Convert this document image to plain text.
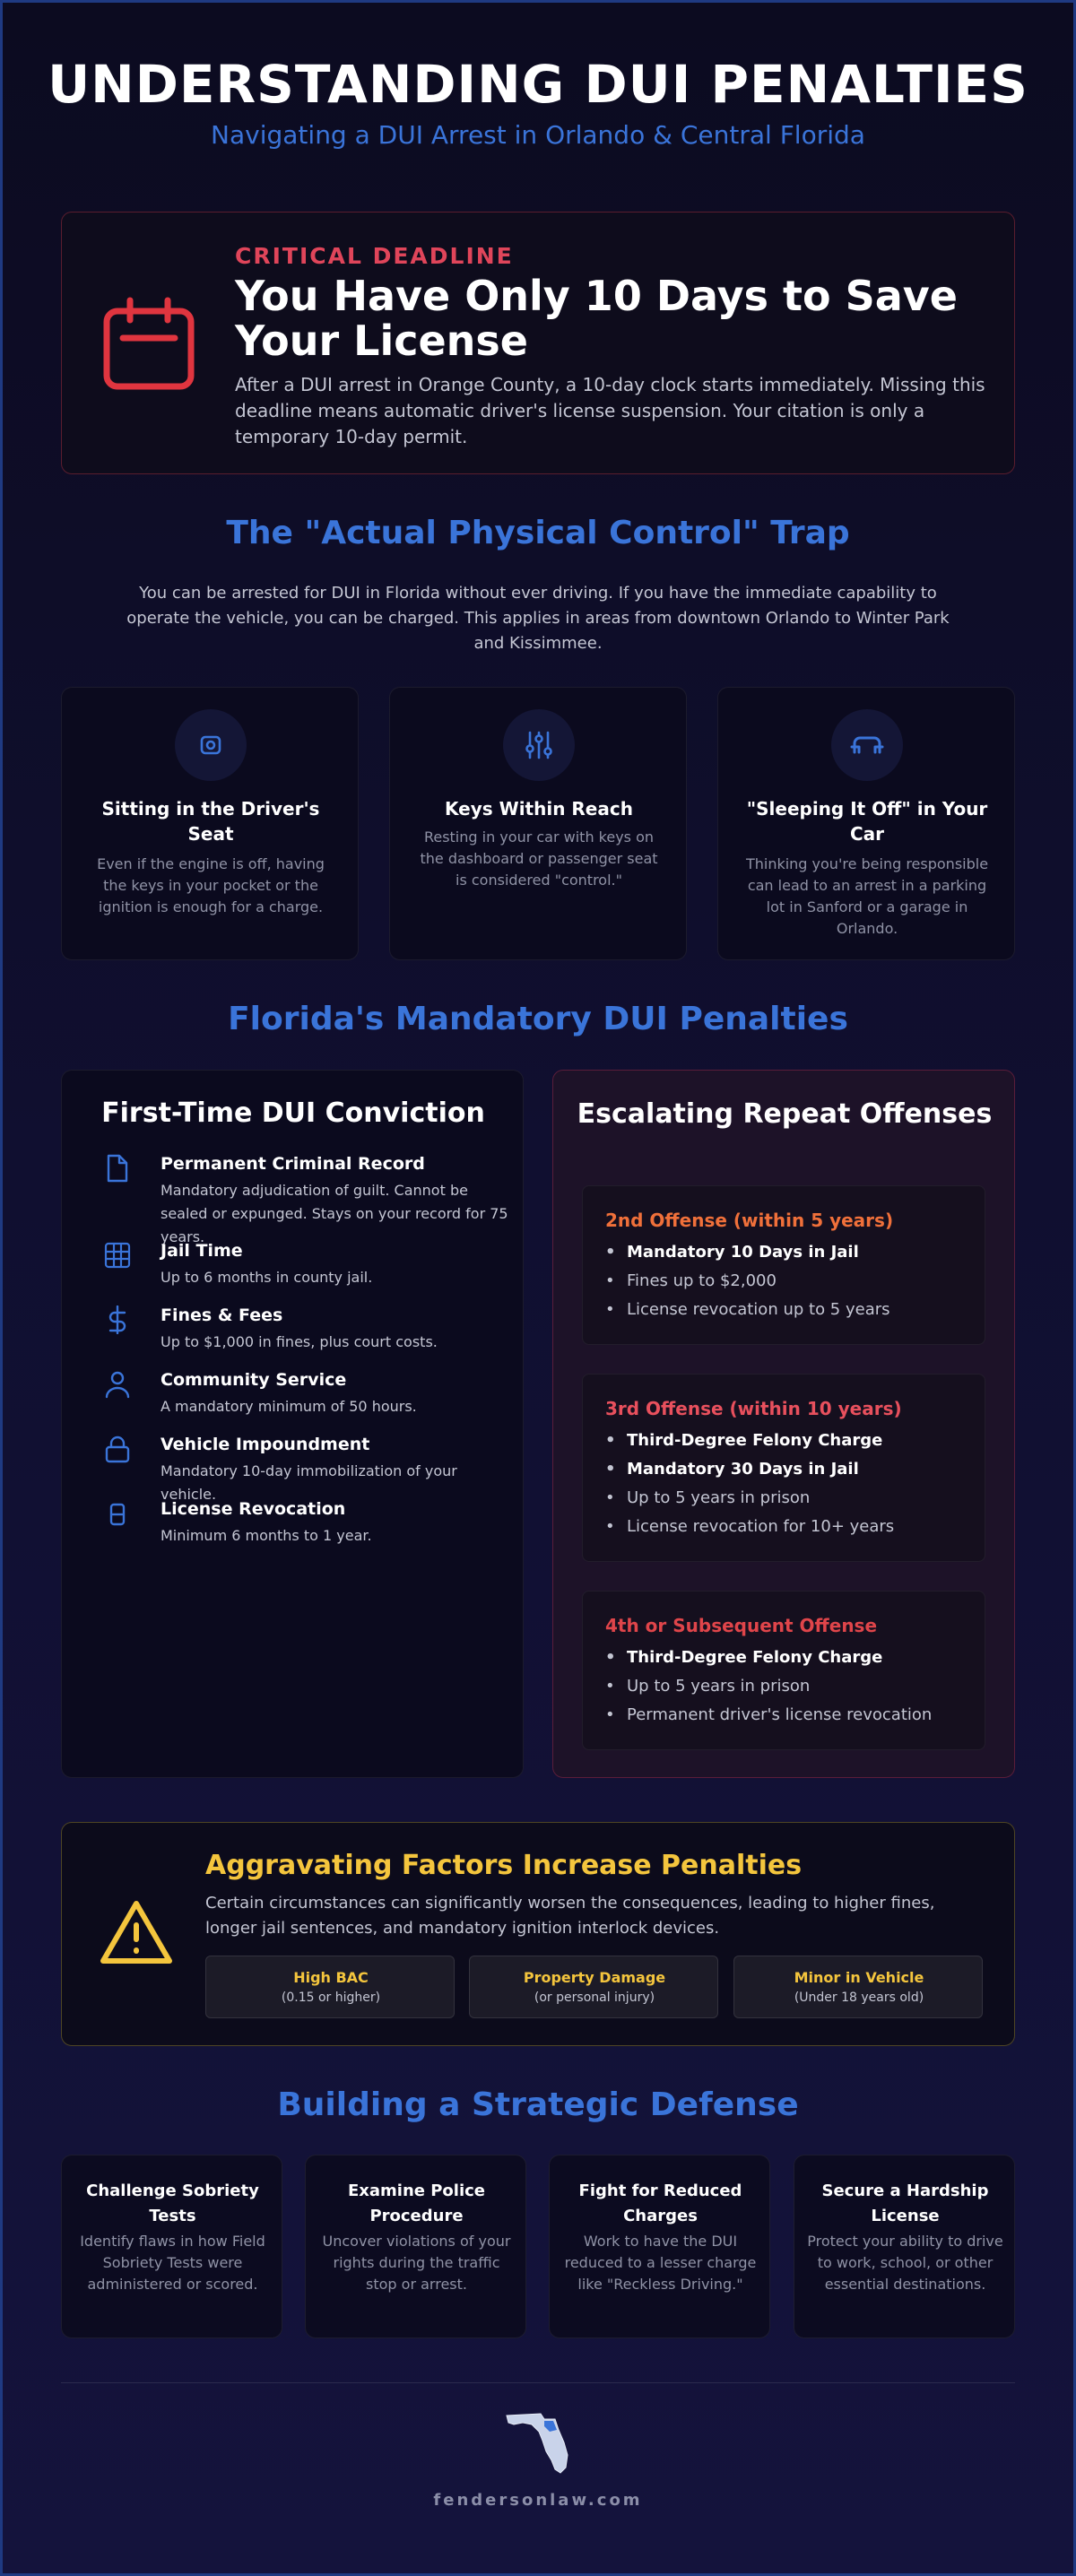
UNDERSTANDING DUI PENALTIES
Navigating a DUI Arrest in Orlando & Central Florida
CRITICAL DEADLINE
You Have Only 10 Days to Save Your License
After a DUI arrest in Orange County, a 10-day clock starts immediately. Missing this deadline means automatic driver's license suspension. Your citation is only a temporary 10-day permit.
The "Actual Physical Control" Trap

You can be arrested for DUI in Florida without ever driving. If you have the immediate capability to operate the vehicle, you can be charged. This applies in areas from downtown Orlando to Winter Park and Kissimmee.

Sitting in the Driver's Seat
Even if the engine is off, having the keys in your pocket or the ignition is enough for a charge.
Keys Within Reach
Resting in your car with keys on the dashboard or passenger seat is considered "control."
"Sleeping It Off" in Your Car
Thinking you're being responsible can lead to an arrest in a parking lot in Sanford or a garage in Orlando.
Florida's Mandatory DUI Penalties
First-Time DUI Conviction
Permanent Criminal Record
Mandatory adjudication of guilt. Cannot be sealed or expunged. Stays on your record for 75 years.
Jail Time
Up to 6 months in county jail.
Fines & Fees
Up to $1,000 in fines, plus court costs.
Community Service
A mandatory minimum of 50 hours.
Vehicle Impoundment
Mandatory 10-day immobilization of your vehicle.
License Revocation
Minimum 6 months to 1 year.
Escalating Repeat Offenses
2nd Offense (within 5 years)
• Mandatory 10 Days in Jail
• Fines up to $2,000
• License revocation up to 5 years
3rd Offense (within 10 years)
• Third-Degree Felony Charge
• Mandatory 30 Days in Jail
• Up to 5 years in prison
• License revocation for 10+ years
4th or Subsequent Offense
• Third-Degree Felony Charge
• Up to 5 years in prison
• Permanent driver's license revocation
Aggravating Factors Increase Penalties
Certain circumstances can significantly worsen the consequences, leading to higher fines, longer jail sentences, and mandatory ignition interlock devices.
High BAC
(0.15 or higher)
Property Damage
(or personal injury)
Minor in Vehicle
(Under 18 years old)
Building a Strategic Defense
Challenge Sobriety Tests
Identify flaws in how Field Sobriety Tests were administered or scored.
Examine Police Procedure
Uncover violations of your rights during the traffic stop or arrest.
Fight for Reduced Charges
Work to have the DUI reduced to a lesser charge like "Reckless Driving."
Secure a Hardship License
Protect your ability to drive to work, school, or other essential destinations.
fendersonlaw.com
